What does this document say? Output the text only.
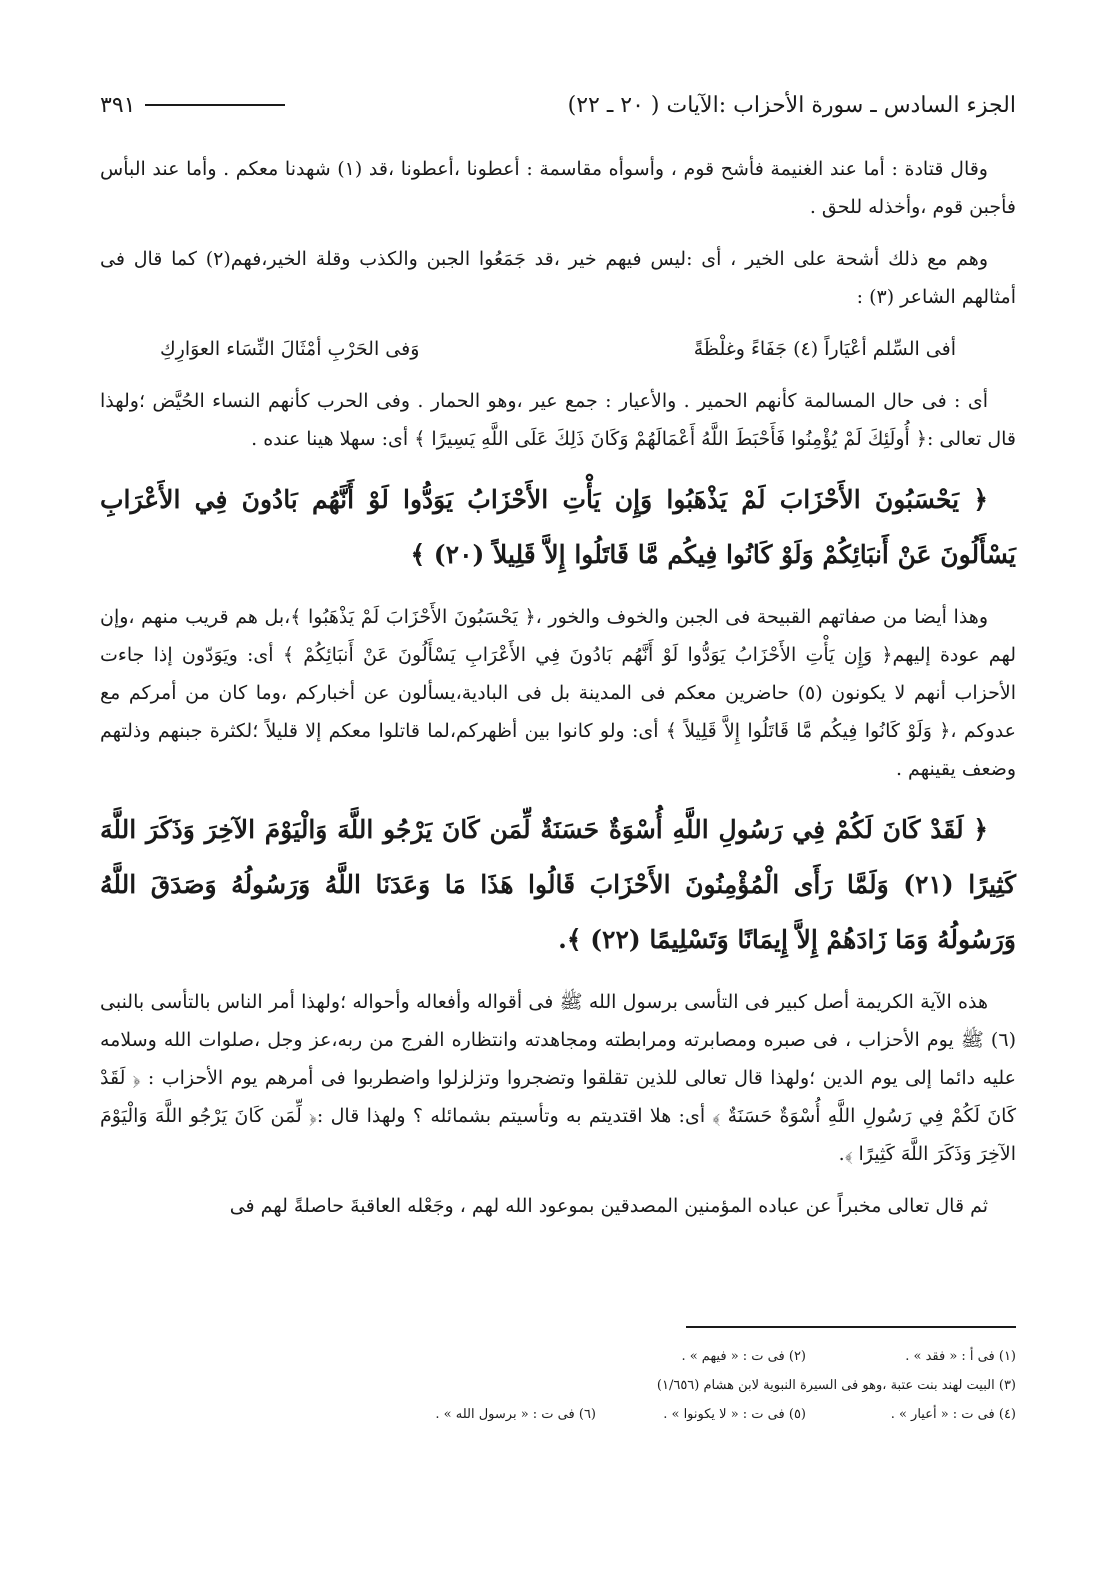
الجزء السادس ـ سورة الأحزاب :الآيات ( ٢٠ ـ ٢٢)
٣٩١

وقال قتادة : أما عند الغنيمة فأشح قوم ، وأسوأه مقاسمة : أعطونا ،أعطونا ،قد (١) شهدنا معكم . وأما عند البأس فأجبن قوم ،وأخذله للحق .

وهم مع ذلك أشحة على الخير ، أى :ليس فيهم خير ،قد جَمَعُوا الجبن والكذب وقلة الخير،فهم(٢) كما قال فى أمثالهم الشاعر (٣) :

أفى السِّلم أعْيَاراً (٤) جَفَاءً وغلْظَةً
وَفى الحَرْبِ أمْثَالَ النِّسَاء العوَارِكِ

أى : فى حال المسالمة كأنهم الحمير . والأعيار : جمع عير ،وهو الحمار . وفى الحرب كأنهم النساء الحُيَّض ؛ولهذا قال تعالى :﴿ أُولَئِكَ لَمْ يُؤْمِنُوا فَأَحْبَطَ اللَّهُ أَعْمَالَهُمْ وَكَانَ ذَلِكَ عَلَى اللَّهِ يَسِيرًا ﴾ أى: سهلا هينا عنده .

﴿ يَحْسَبُونَ الأَحْزَابَ لَمْ يَذْهَبُوا وَإِن يَأْتِ الأَحْزَابُ يَوَدُّوا لَوْ أَنَّهُم بَادُونَ فِي الأَعْرَابِ يَسْأَلُونَ عَنْ أَنبَائِكُمْ وَلَوْ كَانُوا فِيكُم مَّا قَاتَلُوا إِلاَّ قَلِيلاً (٢٠) ﴾

وهذا أيضا من صفاتهم القبيحة فى الجبن والخوف والخور ،﴿ يَحْسَبُونَ الأَحْزَابَ لَمْ يَذْهَبُوا ﴾،بل هم قريب منهم ،وإن لهم عودة إليهم﴿ وَإِن يَأْتِ الأَحْزَابُ يَوَدُّوا لَوْ أَنَّهُم بَادُونَ فِي الأَعْرَابِ يَسْأَلُونَ عَنْ أَنبَائِكُمْ ﴾ أى: ويَوَدّون إذا جاءت الأحزاب أنهم لا يكونون (٥) حاضرين معكم فى المدينة بل فى البادية،يسألون عن أخباركم ،وما كان من أمركم مع عدوكم ،﴿ وَلَوْ كَانُوا فِيكُم مَّا قَاتَلُوا إِلاَّ قَلِيلاً ﴾ أى: ولو كانوا بين أظهركم،لما قاتلوا معكم إلا قليلاً ؛لكثرة جبنهم وذلتهم وضعف يقينهم .

﴿ لَقَدْ كَانَ لَكُمْ فِي رَسُولِ اللَّهِ أُسْوَةٌ حَسَنَةٌ لِّمَن كَانَ يَرْجُو اللَّهَ وَالْيَوْمَ الآخِرَ وَذَكَرَ اللَّهَ كَثِيرًا (٢١) وَلَمَّا رَأَى الْمُؤْمِنُونَ الأَحْزَابَ قَالُوا هَذَا مَا وَعَدَنَا اللَّهُ وَرَسُولُهُ وَصَدَقَ اللَّهُ وَرَسُولُهُ وَمَا زَادَهُمْ إِلاَّ إِيمَانًا وَتَسْلِيمًا (٢٢) ﴾.

هذه الآية الكريمة أصل كبير فى التأسى برسول الله ﷺ فى أقواله وأفعاله وأحواله ؛ولهذا أمر الناس بالتأسى بالنبى (٦) ﷺ يوم الأحزاب ، فى صبره ومصابرته ومرابطته ومجاهدته وانتظاره الفرج من ربه،عز وجل ،صلوات الله وسلامه عليه دائما إلى يوم الدين ؛ولهذا قال تعالى للذين تقلقوا وتضجروا وتزلزلوا واضطربوا فى أمرهم يوم الأحزاب : ﴿ لَقَدْ كَانَ لَكُمْ فِي رَسُولِ اللَّهِ أُسْوَةٌ حَسَنَةٌ ﴾ أى: هلا اقتديتم به وتأسيتم بشمائله ؟ ولهذا قال :﴿ لِّمَن كَانَ يَرْجُو اللَّهَ وَالْيَوْمَ الآخِرَ وَذَكَرَ اللَّهَ كَثِيرًا ﴾.

ثم قال تعالى مخبراً عن عباده المؤمنين المصدقين بموعود الله لهم ، وجَعْله العاقبةَ حاصلةً لهم فى

(١) فى أ : « فقد » .
(٢) فى ت : « فيهم » .
(٣) البيت لهند بنت عتبة ،وهو فى السيرة النبوية لابن هشام (١/٦٥٦)
(٤) فى ت : « أعيار » .
(٥) فى ت : « لا يكونوا » .
(٦) فى ت : « برسول الله » .
